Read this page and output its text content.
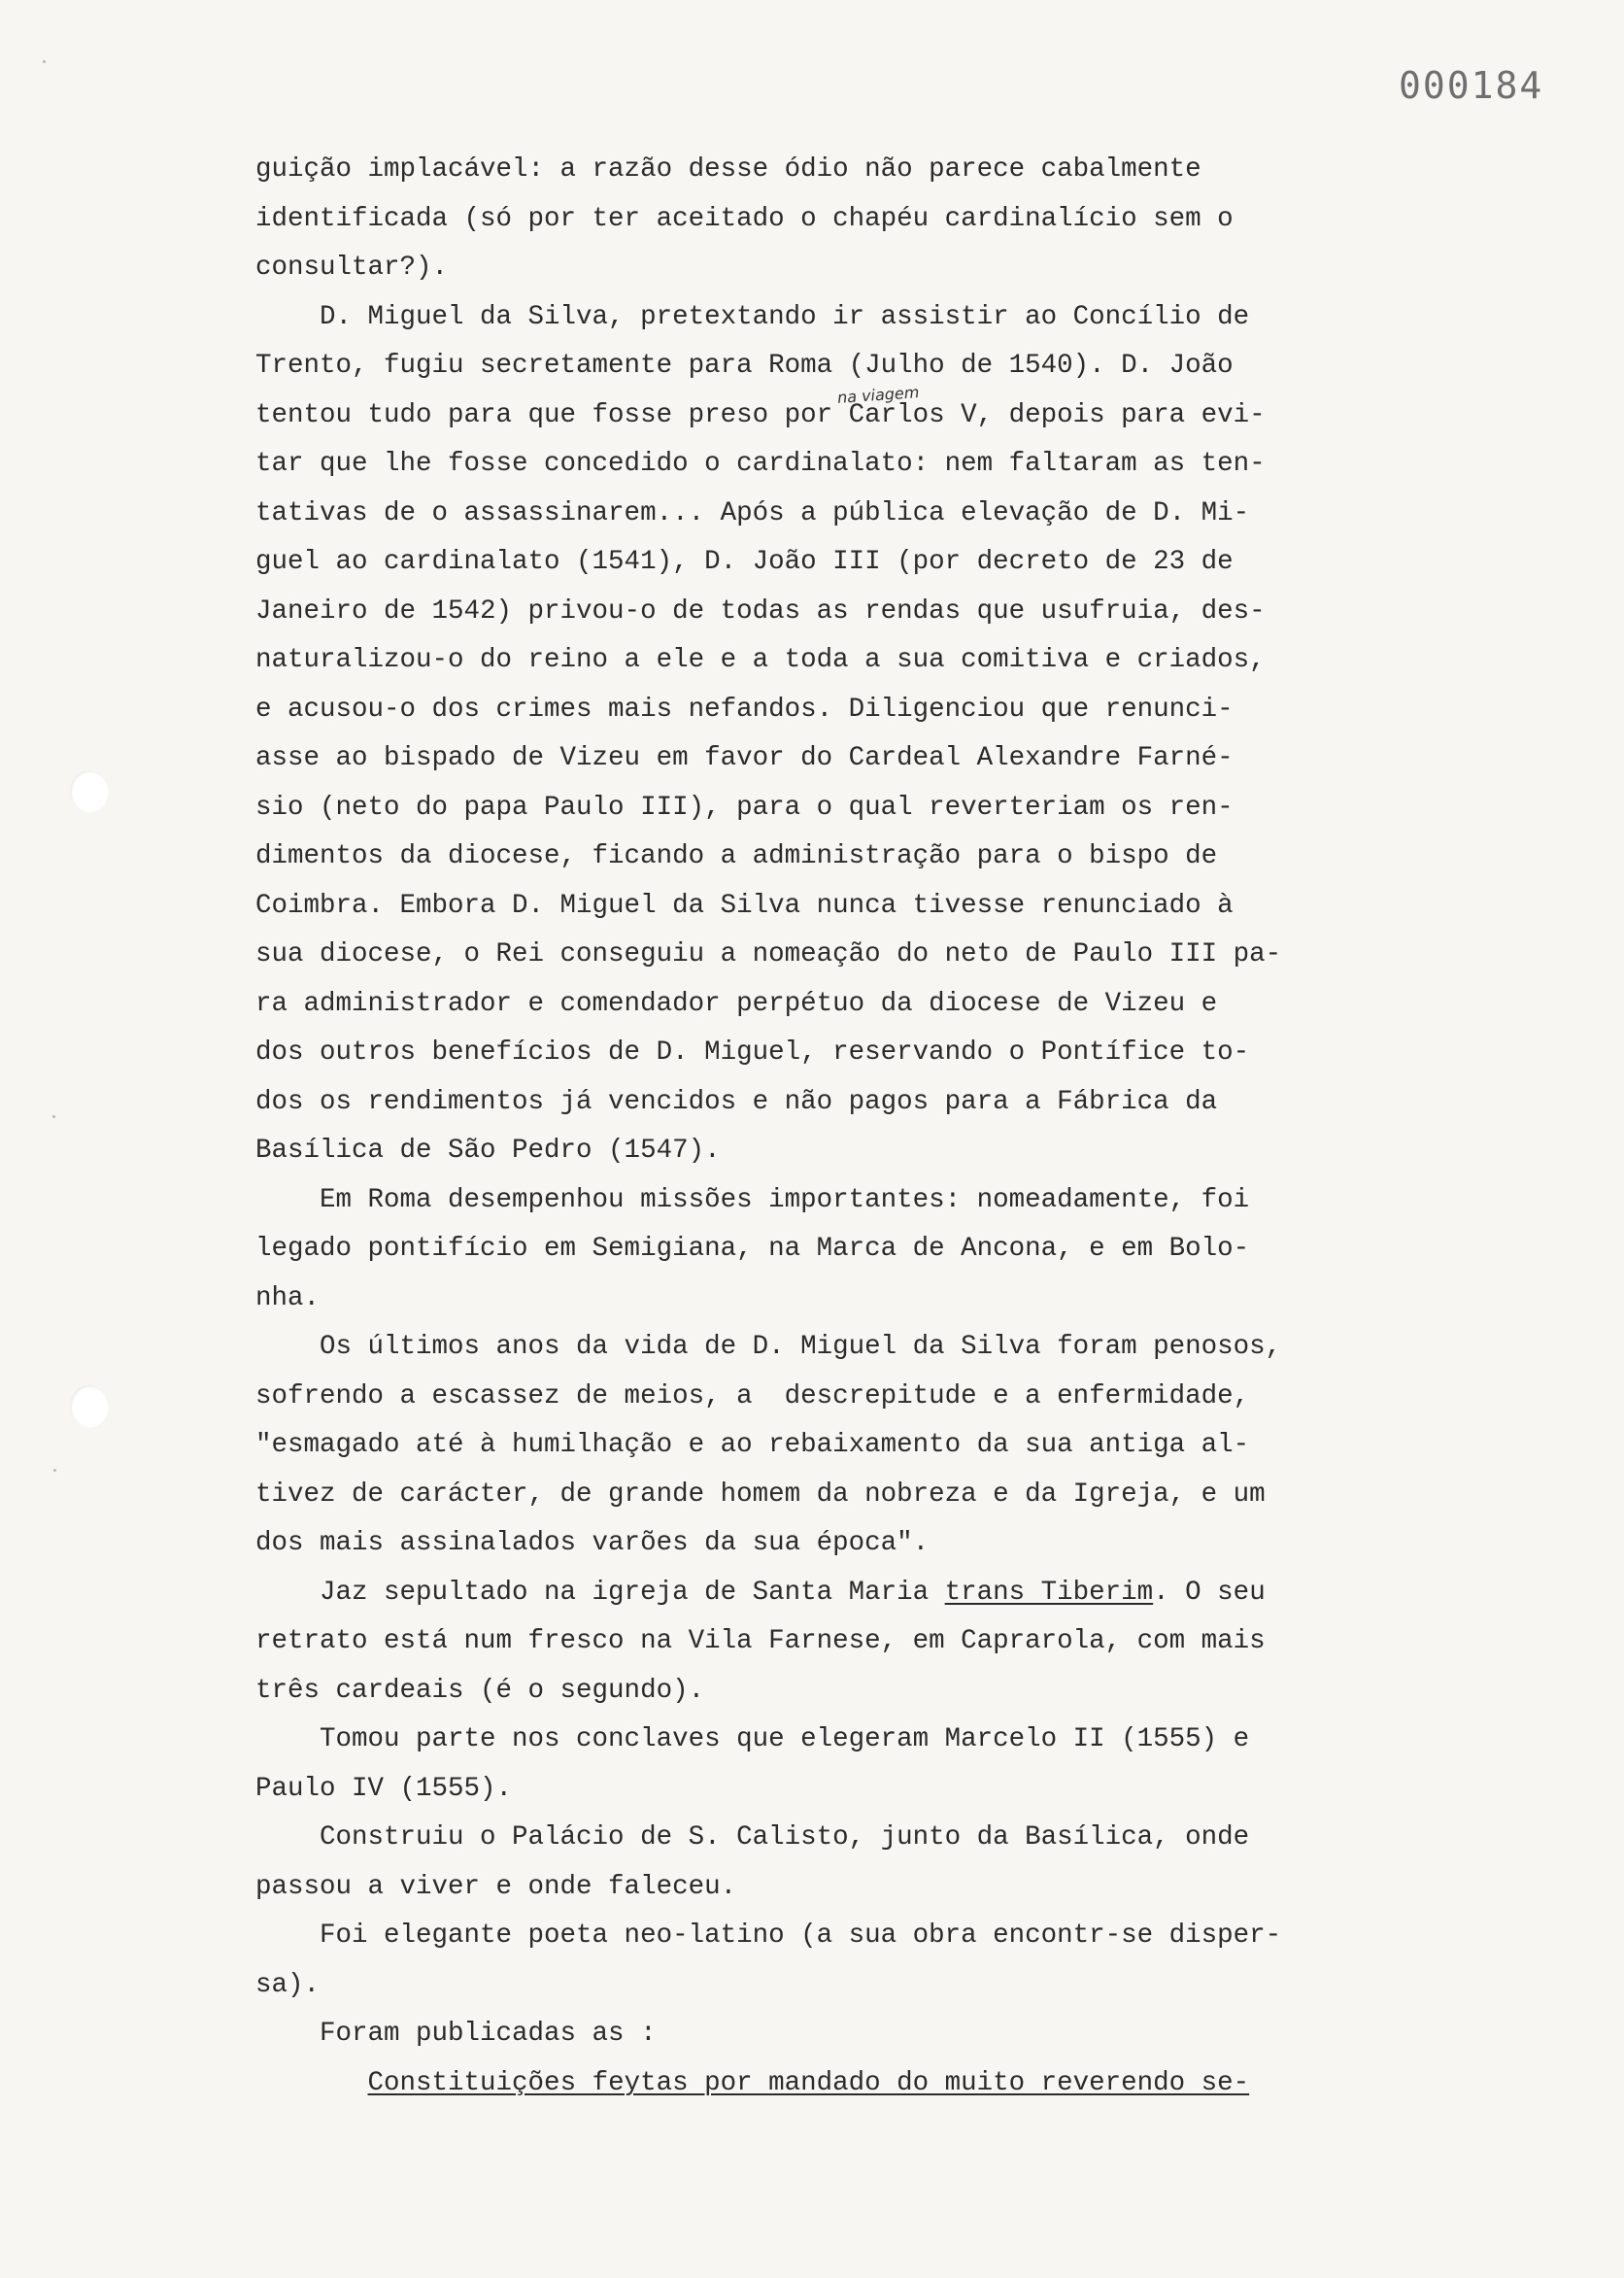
000184
na viagem
guição implacável: a razão desse ódio não parece cabalmente
identificada (só por ter aceitado o chapéu cardinalício sem o
consultar?).
D. Miguel da Silva, pretextando ir assistir ao Concílio de
Trento, fugiu secretamente para Roma (Julho de 1540). D. João
tentou tudo para que fosse preso por Carlos V, depois para evi-
tar que lhe fosse concedido o cardinalato: nem faltaram as ten-
tativas de o assassinarem... Após a pública elevação de D. Mi-
guel ao cardinalato (1541), D. João III (por decreto de 23 de
Janeiro de 1542) privou-o de todas as rendas que usufruia, des-
naturalizou-o do reino a ele e a toda a sua comitiva e criados,
e acusou-o dos crimes mais nefandos. Diligenciou que renunci-
asse ao bispado de Vizeu em favor do Cardeal Alexandre Farné-
sio (neto do papa Paulo III), para o qual reverteriam os ren-
dimentos da diocese, ficando a administração para o bispo de
Coimbra. Embora D. Miguel da Silva nunca tivesse renunciado à
sua diocese, o Rei conseguiu a nomeação do neto de Paulo III pa-
ra administrador e comendador perpétuo da diocese de Vizeu e
dos outros benefícios de D. Miguel, reservando o Pontífice to-
dos os rendimentos já vencidos e não pagos para a Fábrica da
Basílica de São Pedro (1547).
Em Roma desempenhou missões importantes: nomeadamente, foi
legado pontifício em Semigiana, na Marca de Ancona, e em Bolo-
nha.
Os últimos anos da vida de D. Miguel da Silva foram penosos,
sofrendo a escassez de meios, a  descrepitude e a enfermidade,
"esmagado até à humilhação e ao rebaixamento da sua antiga al-
tivez de carácter, de grande homem da nobreza e da Igreja, e um
dos mais assinalados varões da sua época".
Jaz sepultado na igreja de Santa Maria trans Tiberim. O seu
retrato está num fresco na Vila Farnese, em Caprarola, com mais
três cardeais (é o segundo).
Tomou parte nos conclaves que elegeram Marcelo II (1555) e
Paulo IV (1555).
Construiu o Palácio de S. Calisto, junto da Basílica, onde
passou a viver e onde faleceu.
Foi elegante poeta neo-latino (a sua obra encontr-se disper-
sa).
Foram publicadas as :
Constituições feytas por mandado do muito reverendo se-
